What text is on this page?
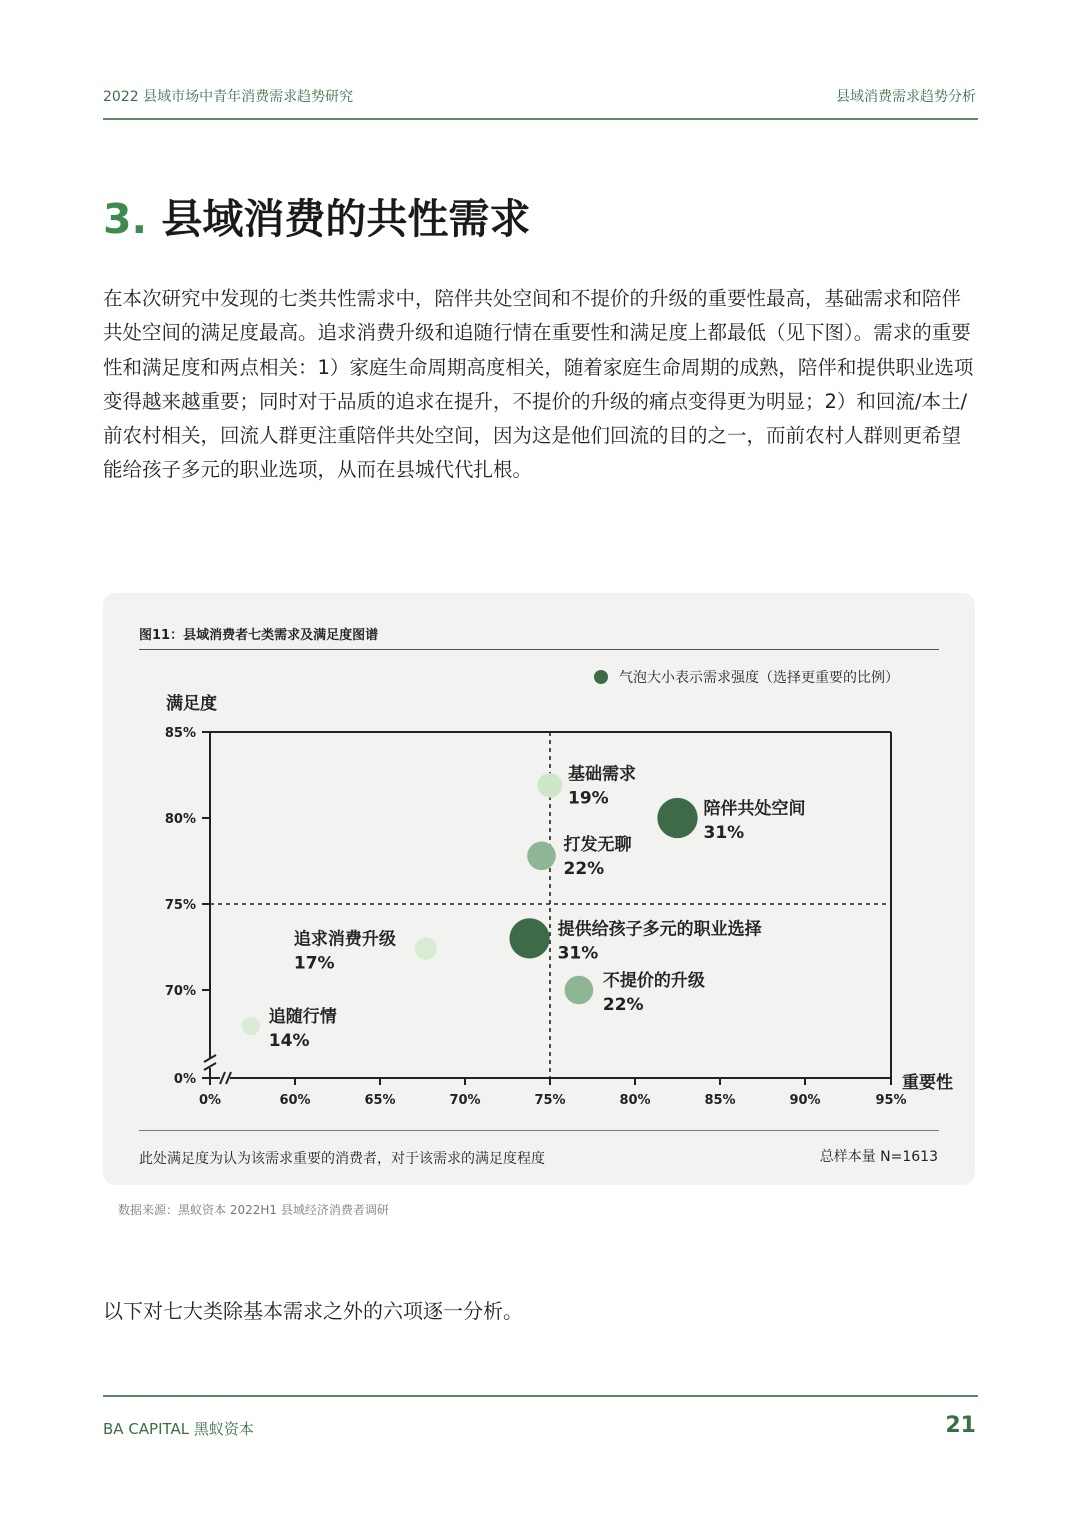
2022 县域市场中青年消费需求趋势研究	县域消费需求趋势分析
3. 县域消费的共性需求

在本次研究中发现的七类共性需求中，陪伴共处空间和不提价的升级的重要性最高，基础需求和陪伴共处空间的满足度最高。追求消费升级和追随行情在重要性和满足度上都最低（见下图）。需求的重要性和满足度和两点相关：1）家庭生命周期高度相关，随着家庭生命周期的成熟，陪伴和提供职业选项变得越来越重要；同时对于品质的追求在提升，不提价的升级的痛点变得更为明显；2）和回流/本土/前农村相关，回流人群更注重陪伴共处空间，因为这是他们回流的目的之一，而前农村人群则更希望能给孩子多元的职业选项，从而在县城代代扎根。

图11：县域消费者七类需求及满足度图谱
气泡大小表示需求强度（选择更重要的比例）
0%
70%
75%
80%
85%
0%	60%	65%	70%	75%	80%	85%	90%	95%
满足度
重要性
基础需求
19%
陪伴共处空间
31%
打发无聊
22%
提供给孩子多元的职业选择
31%
追求消费升级
17%
不提价的升级
22%
追随行情
14%
此处满足度为认为该需求重要的消费者，对于该需求的满足度程度	总样本量 N=1613
数据来源：黑蚁资本 2022H1 县域经济消费者调研
以下对七大类除基本需求之外的六项逐一分析。
BA CAPITAL 黑蚁资本	21
